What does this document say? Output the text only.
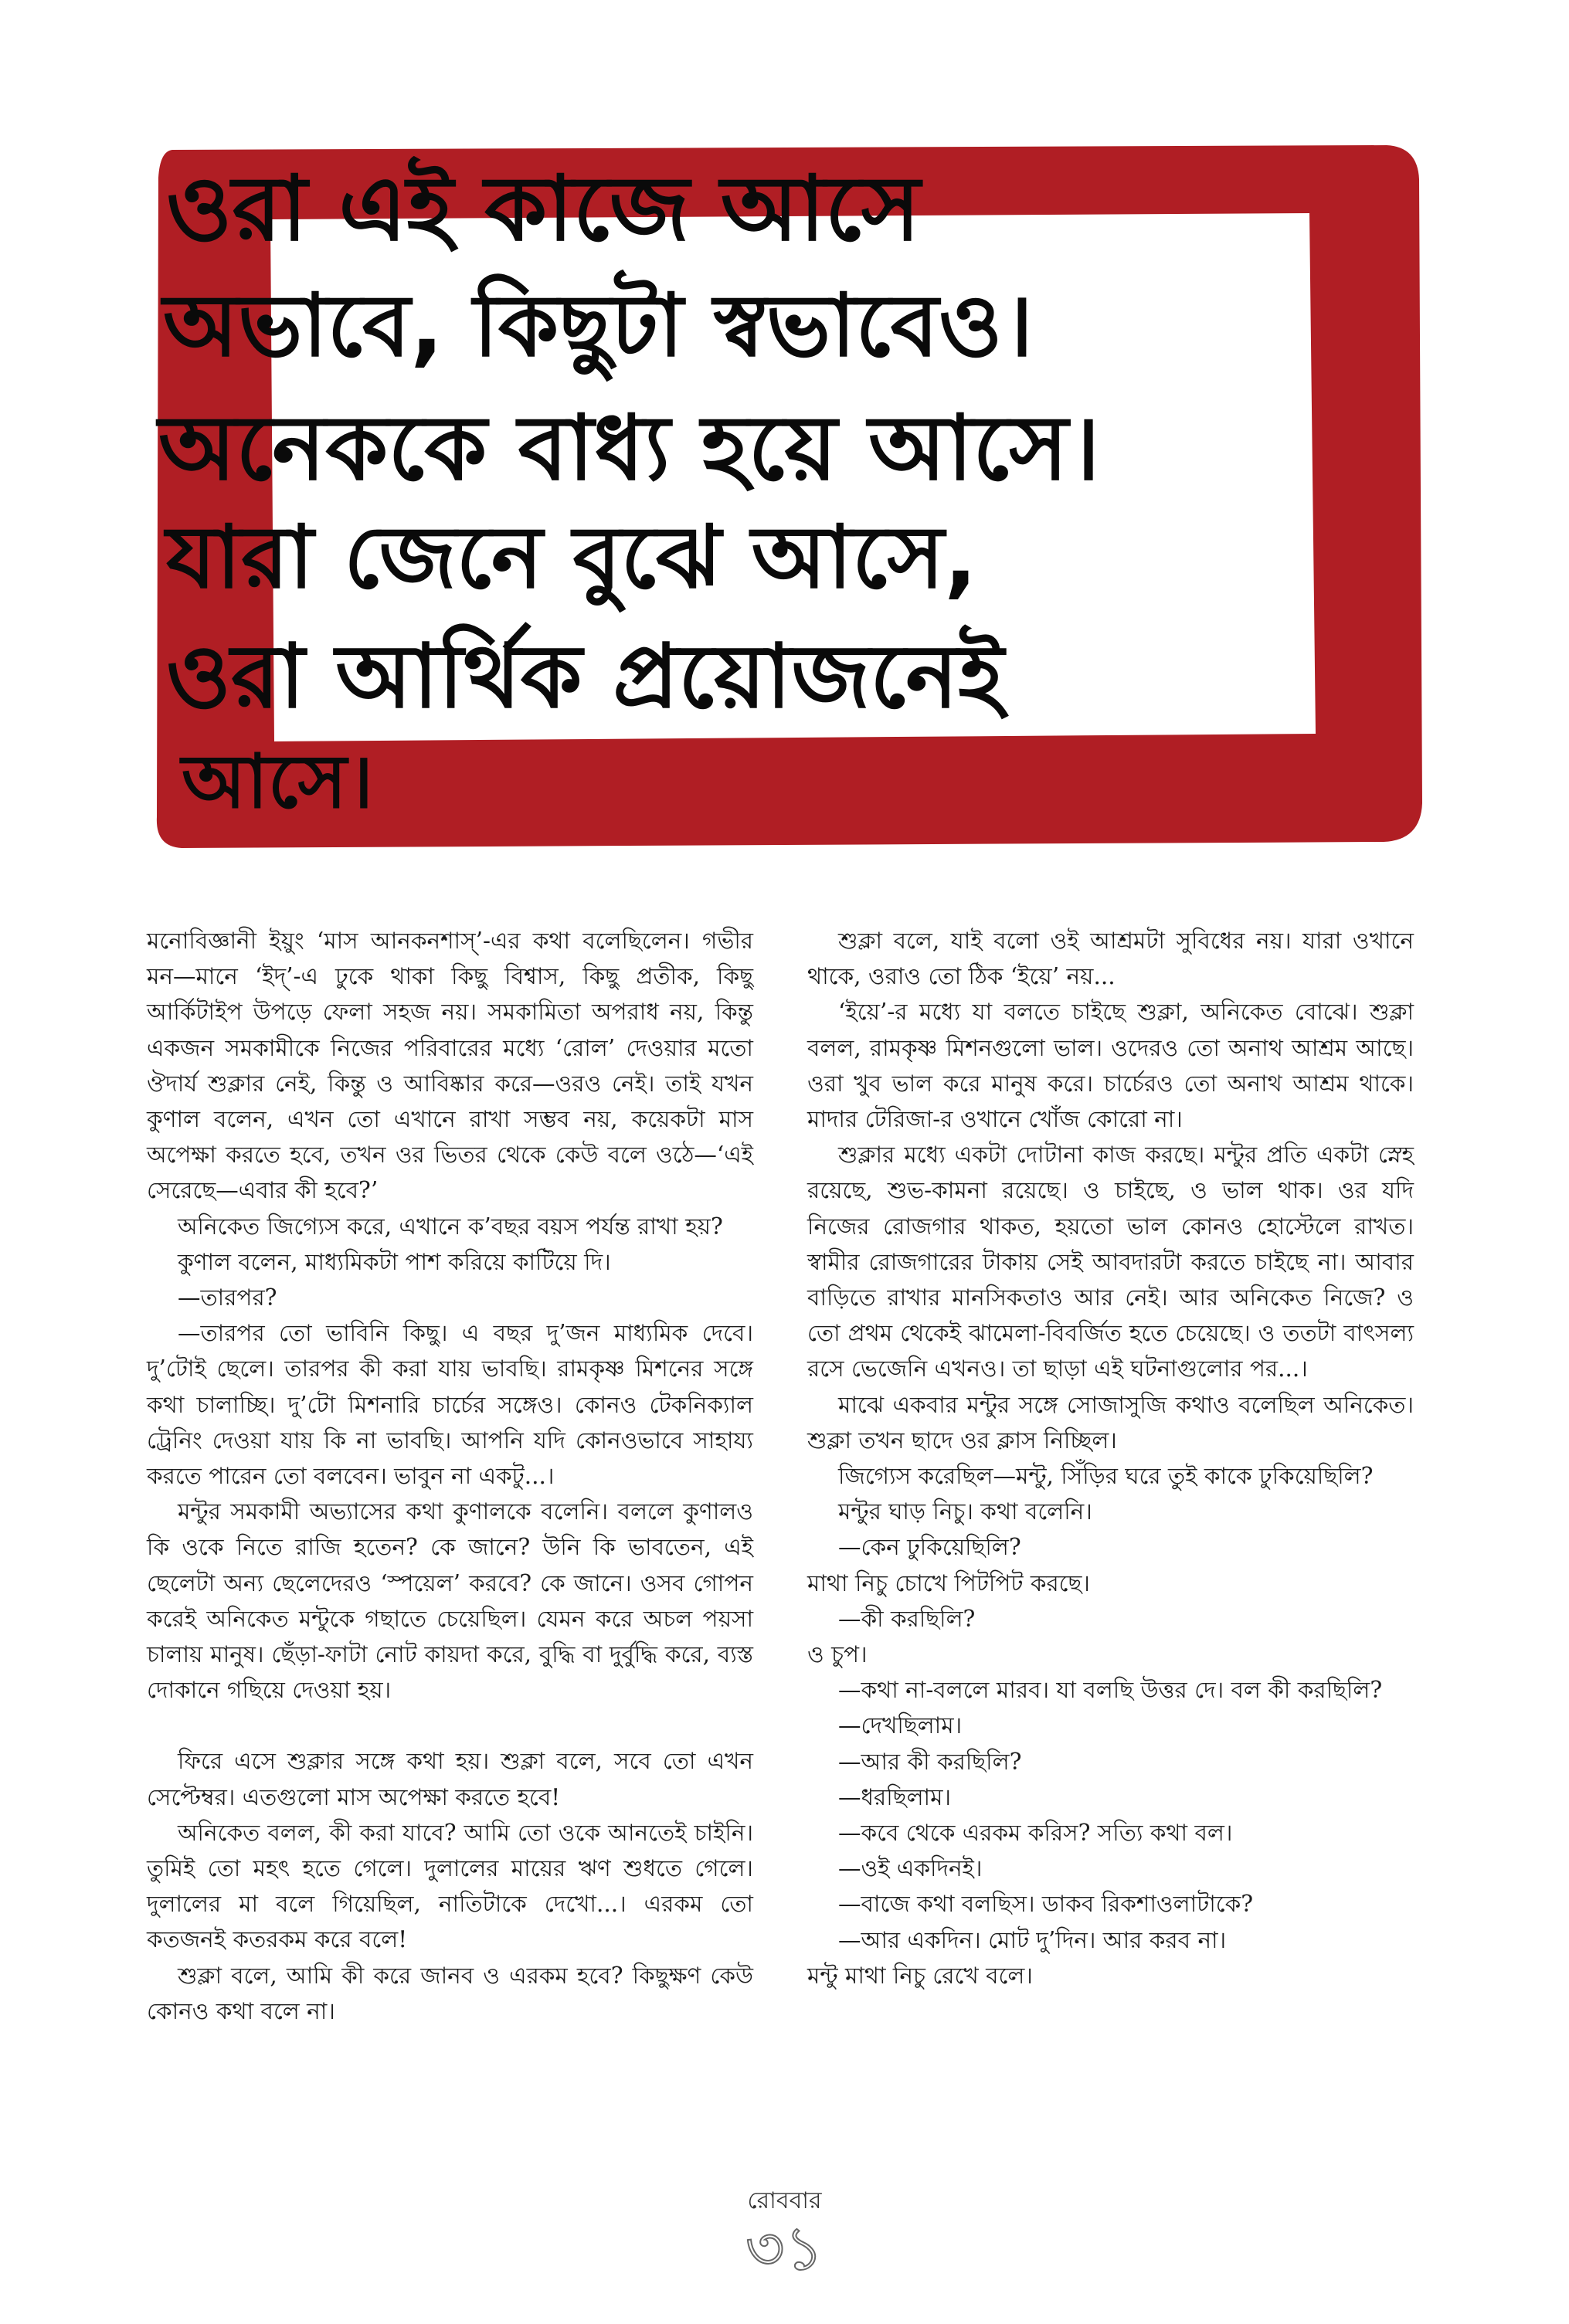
ওরা এই কাজে আসে
অভাবে, কিছুটা স্বভাবেও।
অনেককে বাধ্য হয়ে আসে।
যারা জেনে বুঝে আসে,
ওরা আর্থিক প্রয়োজনেই
আসে।

মনোবিজ্ঞানী ইয়ুং ‘মাস আনকনশাস্’-এর কথা বলেছিলেন। গভীর মন—মানে ‘ইদ্’-এ ঢুকে থাকা কিছু বিশ্বাস, কিছু প্রতীক, কিছু আর্কিটাইপ উপড়ে ফেলা সহজ নয়। সমকামিতা অপরাধ নয়, কিন্তু একজন সমকামীকে নিজের পরিবারের মধ্যে ‘রোল’ দেওয়ার মতো ঔদার্য শুক্লার নেই, কিন্তু ও আবিষ্কার করে—ওরও নেই। তাই যখন কুণাল বলেন, এখন তো এখানে রাখা সম্ভব নয়, কয়েকটা মাস অপেক্ষা করতে হবে, তখন ওর ভিতর থেকে কেউ বলে ওঠে—‘এই সেরেছে—এবার কী হবে?’

অনিকেত জিগ্যেস করে, এখানে ক’বছর বয়স পর্যন্ত রাখা হয়?

কুণাল বলেন, মাধ্যমিকটা পাশ করিয়ে কাটিয়ে দি।

—তারপর?

—তারপর তো ভাবিনি কিছু। এ বছর দু’জন মাধ্যমিক দেবে। দু’টোই ছেলে। তারপর কী করা যায় ভাবছি। রামকৃষ্ণ মিশনের সঙ্গে কথা চালাচ্ছি। দু’টো মিশনারি চার্চের সঙ্গেও। কোনও টেকনিক্যাল ট্রেনিং দেওয়া যায় কি না ভাবছি। আপনি যদি কোনওভাবে সাহায্য করতে পারেন তো বলবেন। ভাবুন না একটু...।

মন্টুর সমকামী অভ্যাসের কথা কুণালকে বলেনি। বললে কুণালও কি ওকে নিতে রাজি হতেন? কে জানে? উনি কি ভাবতেন, এই ছেলেটা অন্য ছেলেদেরও ‘স্পয়েল’ করবে? কে জানে। ওসব গোপন করেই অনিকেত মন্টুকে গছাতে চেয়েছিল। যেমন করে অচল পয়সা চালায় মানুষ। ছেঁড়া-ফাটা নোট কায়দা করে, বুদ্ধি বা দুর্বুদ্ধি করে, ব্যস্ত দোকানে গছিয়ে দেওয়া হয়।

ফিরে এসে শুক্লার সঙ্গে কথা হয়। শুক্লা বলে, সবে তো এখন সেপ্টেম্বর। এতগুলো মাস অপেক্ষা করতে হবে!

অনিকেত বলল, কী করা যাবে? আমি তো ওকে আনতেই চাইনি। তুমিই তো মহৎ হতে গেলে। দুলালের মায়ের ঋণ শুধতে গেলে। দুলালের মা বলে গিয়েছিল, নাতিটাকে দেখো...। এরকম তো কতজনই কতরকম করে বলে!

শুক্লা বলে, আমি কী করে জানব ও এরকম হবে? কিছুক্ষণ কেউ কোনও কথা বলে না।

শুক্লা বলে, যাই বলো ওই আশ্রমটা সুবিধের নয়। যারা ওখানে থাকে, ওরাও তো ঠিক ‘ইয়ে’ নয়...

‘ইয়ে’-র মধ্যে যা বলতে চাইছে শুক্লা, অনিকেত বোঝে। শুক্লা বলল, রামকৃষ্ণ মিশনগুলো ভাল। ওদেরও তো অনাথ আশ্রম আছে। ওরা খুব ভাল করে মানুষ করে। চার্চেরও তো অনাথ আশ্রম থাকে। মাদার টেরিজা-র ওখানে খোঁজ কোরো না।

শুক্লার মধ্যে একটা দোটানা কাজ করছে। মন্টুর প্রতি একটা স্নেহ রয়েছে, শুভ-কামনা রয়েছে। ও চাইছে, ও ভাল থাক। ওর যদি নিজের রোজগার থাকত, হয়তো ভাল কোনও হোস্টেলে রাখত। স্বামীর রোজগারের টাকায় সেই আবদারটা করতে চাইছে না। আবার বাড়িতে রাখার মানসিকতাও আর নেই। আর অনিকেত নিজে? ও তো প্রথম থেকেই ঝামেলা-বিবর্জিত হতে চেয়েছে। ও ততটা বাৎসল্য রসে ভেজেনি এখনও। তা ছাড়া এই ঘটনাগুলোর পর...।

মাঝে একবার মন্টুর সঙ্গে সোজাসুজি কথাও বলেছিল অনিকেত। শুক্লা তখন ছাদে ওর ক্লাস নিচ্ছিল।

জিগ্যেস করেছিল—মন্টু, সিঁড়ির ঘরে তুই কাকে ঢুকিয়েছিলি?

মন্টুর ঘাড় নিচু। কথা বলেনি।

—কেন ঢুকিয়েছিলি?

মাথা নিচু চোখে পিটপিট করছে।

—কী করছিলি?

ও চুপ।

—কথা না-বললে মারব। যা বলছি উত্তর দে। বল কী করছিলি?

—দেখছিলাম।

—আর কী করছিলি?

—ধরছিলাম।

—কবে থেকে এরকম করিস? সত্যি কথা বল।

—ওই একদিনই।

—বাজে কথা বলছিস। ডাকব রিকশাওলাটাকে?

—আর একদিন। মোট দু’দিন। আর করব না।

মন্টু মাথা নিচু রেখে বলে।

রোববার
৩১
